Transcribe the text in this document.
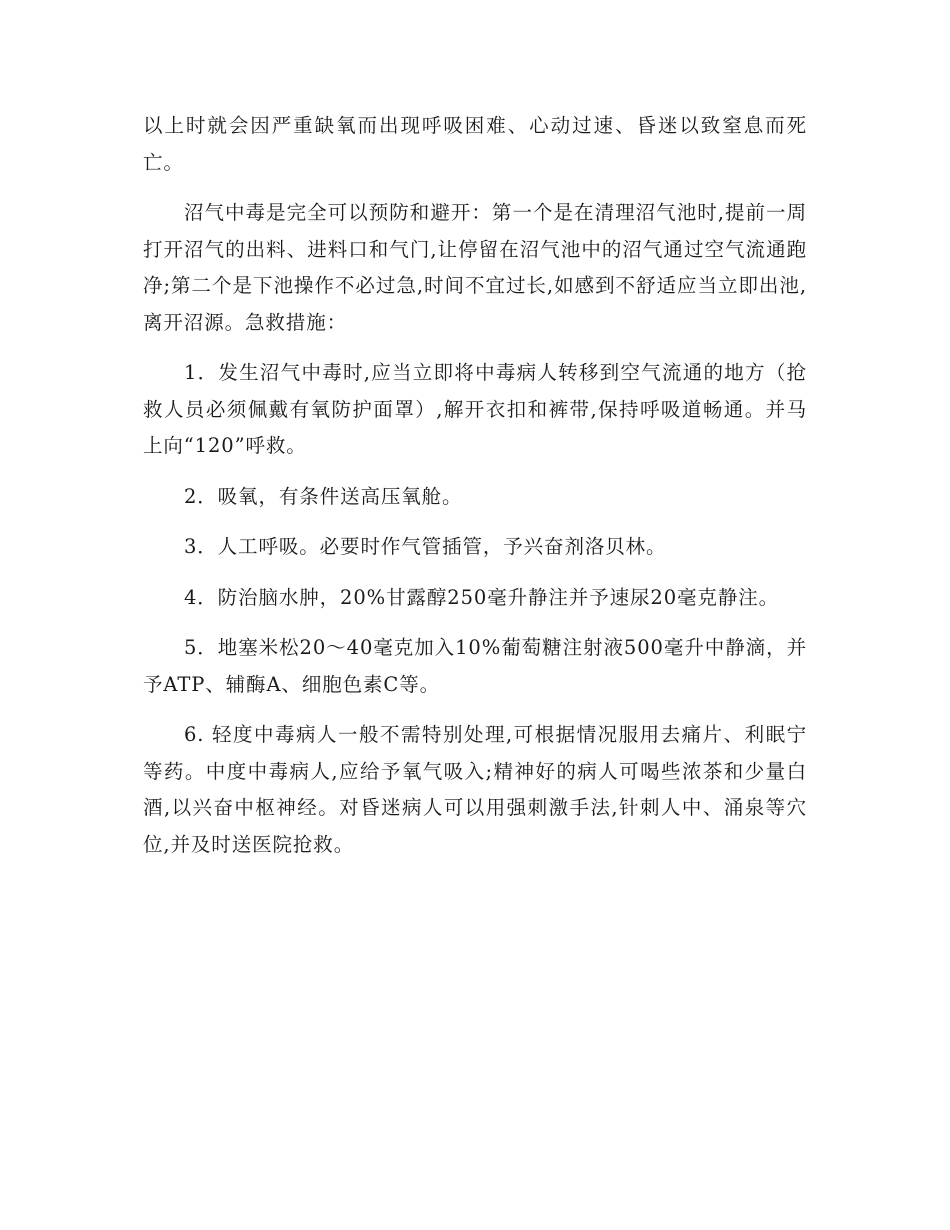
以上时就会因严重缺氧而出现呼吸困难、心动过速、昏迷以致窒息而死亡。

沼气中毒是完全可以预防和避开：第一个是在清理沼气池时,提前一周打开沼气的出料、进料口和气门,让停留在沼气池中的沼气通过空气流通跑净;第二个是下池操作不必过急,时间不宜过长,如感到不舒适应当立即出池,离开沼源。急救措施：

1．发生沼气中毒时,应当立即将中毒病人转移到空气流通的地方（抢救人员必须佩戴有氧防护面罩）,解开衣扣和裤带,保持呼吸道畅通。并马上向“120”呼救。

2．吸氧，有条件送高压氧舱。

3．人工呼吸。必要时作气管插管，予兴奋剂洛贝林。

4．防治脑水肿，20%甘露醇250毫升静注并予速尿20毫克静注。

5．地塞米松20～40毫克加入10%葡萄糖注射液500毫升中静滴，并予ATP、辅酶A、细胞色素C等。

6. 轻度中毒病人一般不需特别处理,可根据情况服用去痛片、利眠宁等药。中度中毒病人,应给予氧气吸入;精神好的病人可喝些浓茶和少量白酒,以兴奋中枢神经。对昏迷病人可以用强刺激手法,针刺人中、涌泉等穴位,并及时送医院抢救。
